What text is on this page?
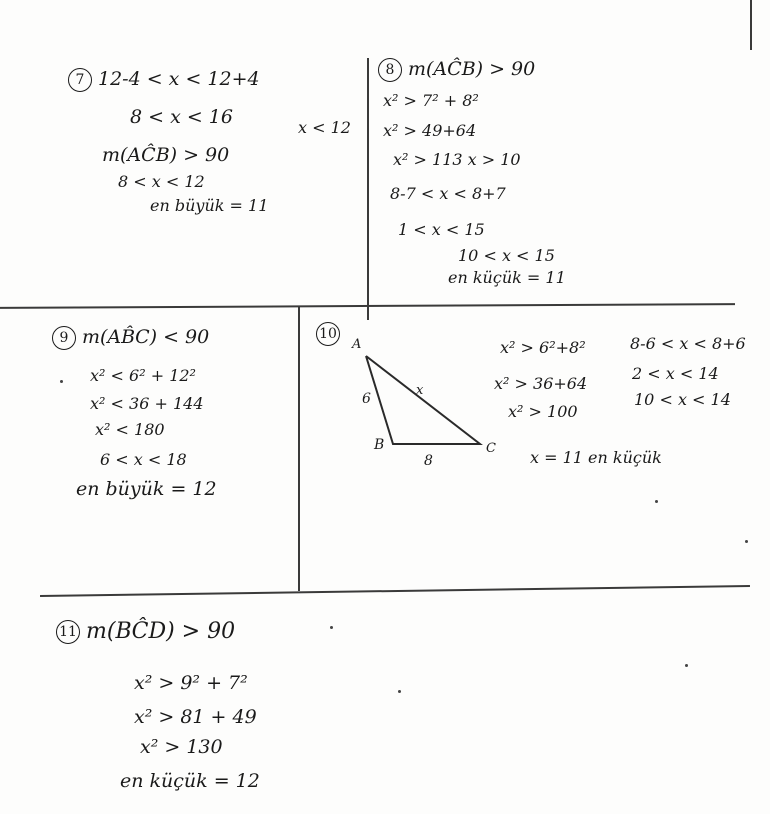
7 12-4 < x < 12+4
8 < x < 16
m(AĈB) > 90
8 < x < 12
en büyük = 11
x < 12
8 m(AĈB) > 90
x² > 7² + 8²
x² > 49+64
x² > 113 x > 10
8-7 < x < 8+7
1 < x < 15
10 < x < 15
en küçük = 11
9 m(AB̂C) < 90
x² < 6² + 12²
x² < 36 + 144
x² < 180
6 < x < 18
en büyük = 12
10
A
B	C
6
8
x
x² > 6²+8²
x² > 36+64
x² > 100
8-6 < x < 8+6
2 < x < 14
10 < x < 14
x = 11 en küçük
11 m(BĈD) > 90
x² > 9² + 7²
x² > 81 + 49
x² > 130
en küçük = 12
